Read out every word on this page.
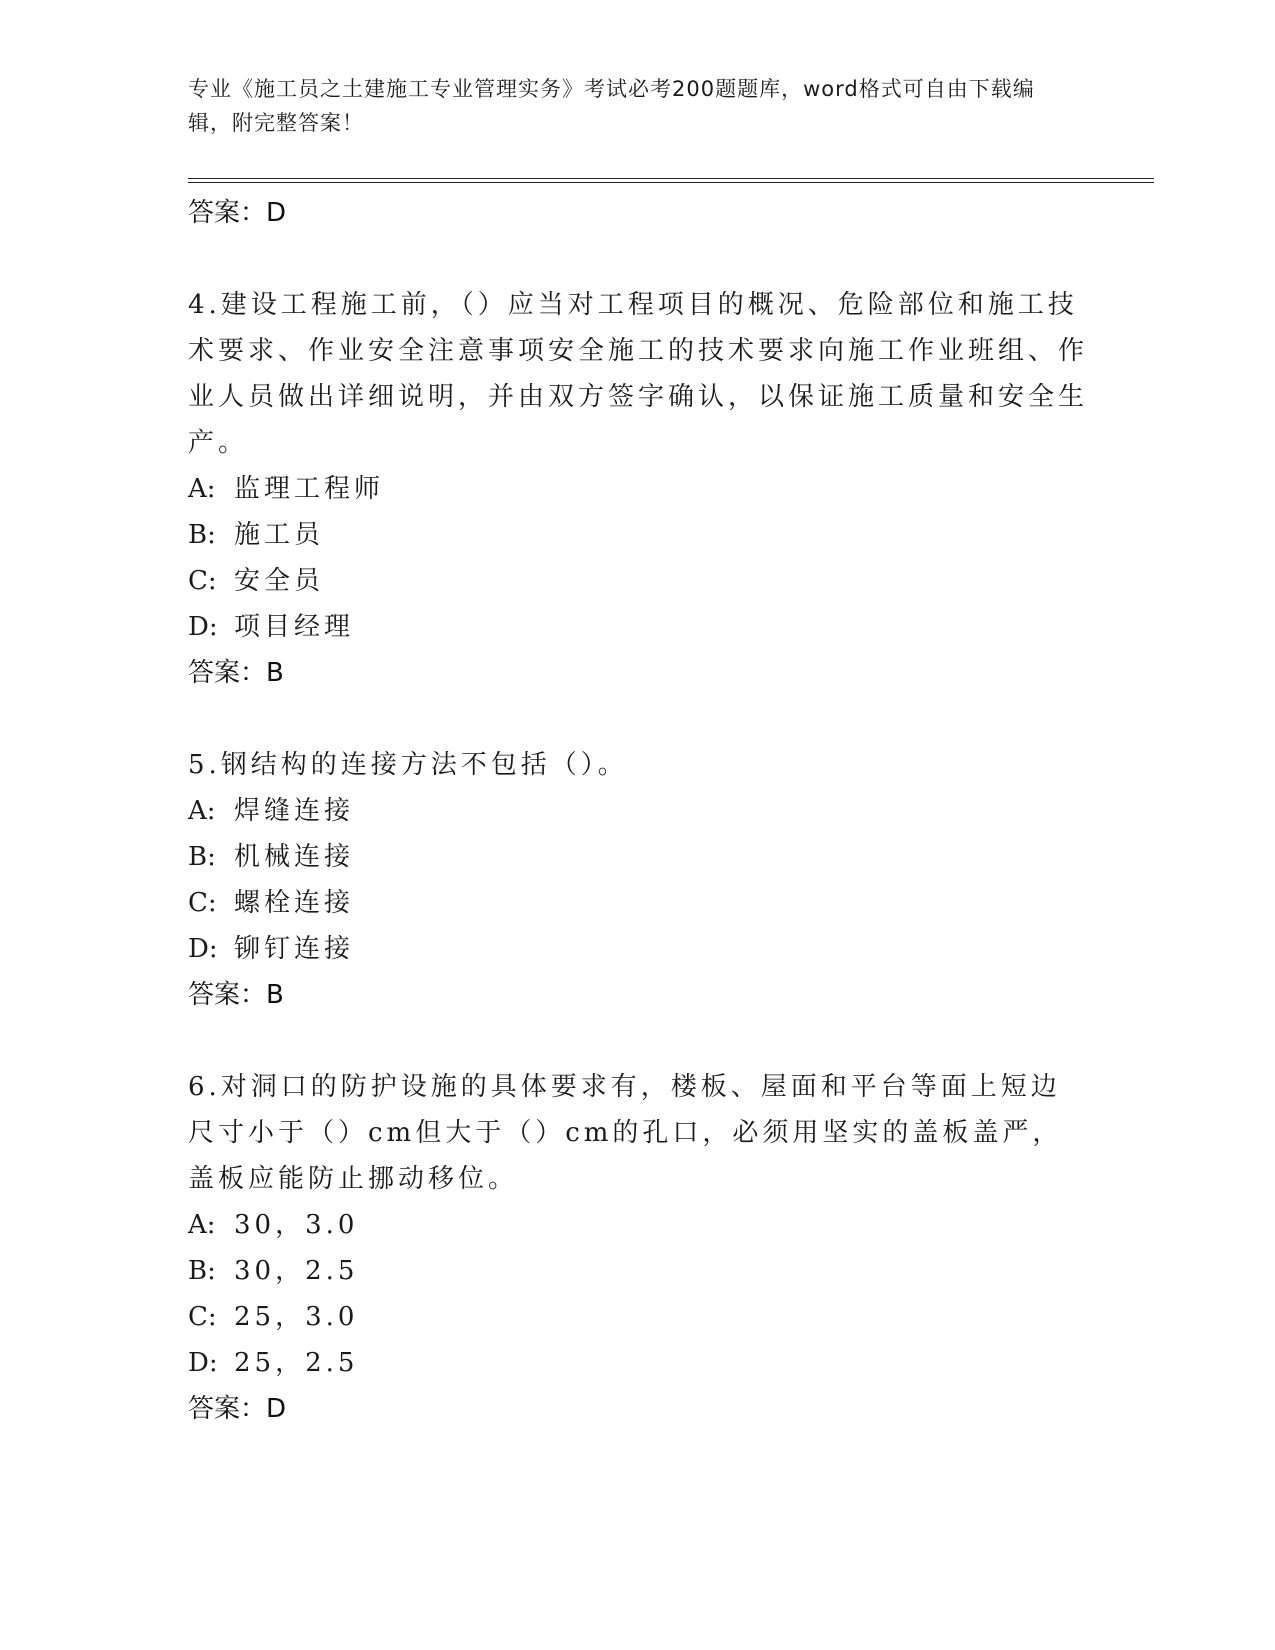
专业《施工员之土建施工专业管理实务》考试必考200题题库，word格式可自由下载编辑，附完整答案！

答案：D

4.建设工程施工前，（）应当对工程项目的概况、危险部位和施工技术要求、作业安全注意事项安全施工的技术要求向施工作业班组、作业人员做出详细说明，并由双方签字确认，以保证施工质量和安全生产。

A: 监理工程师

B: 施工员

C: 安全员

D: 项目经理

答案：B

5.钢结构的连接方法不包括（）。

A: 焊缝连接

B: 机械连接

C: 螺栓连接

D: 铆钉连接

答案：B

6.对洞口的防护设施的具体要求有，楼板、屋面和平台等面上短边尺寸小于（）cm但大于（）cm的孔口，必须用坚实的盖板盖严，盖板应能防止挪动移位。

A: 30，3.0

B: 30，2.5

C: 25，3.0

D: 25，2.5

答案：D
